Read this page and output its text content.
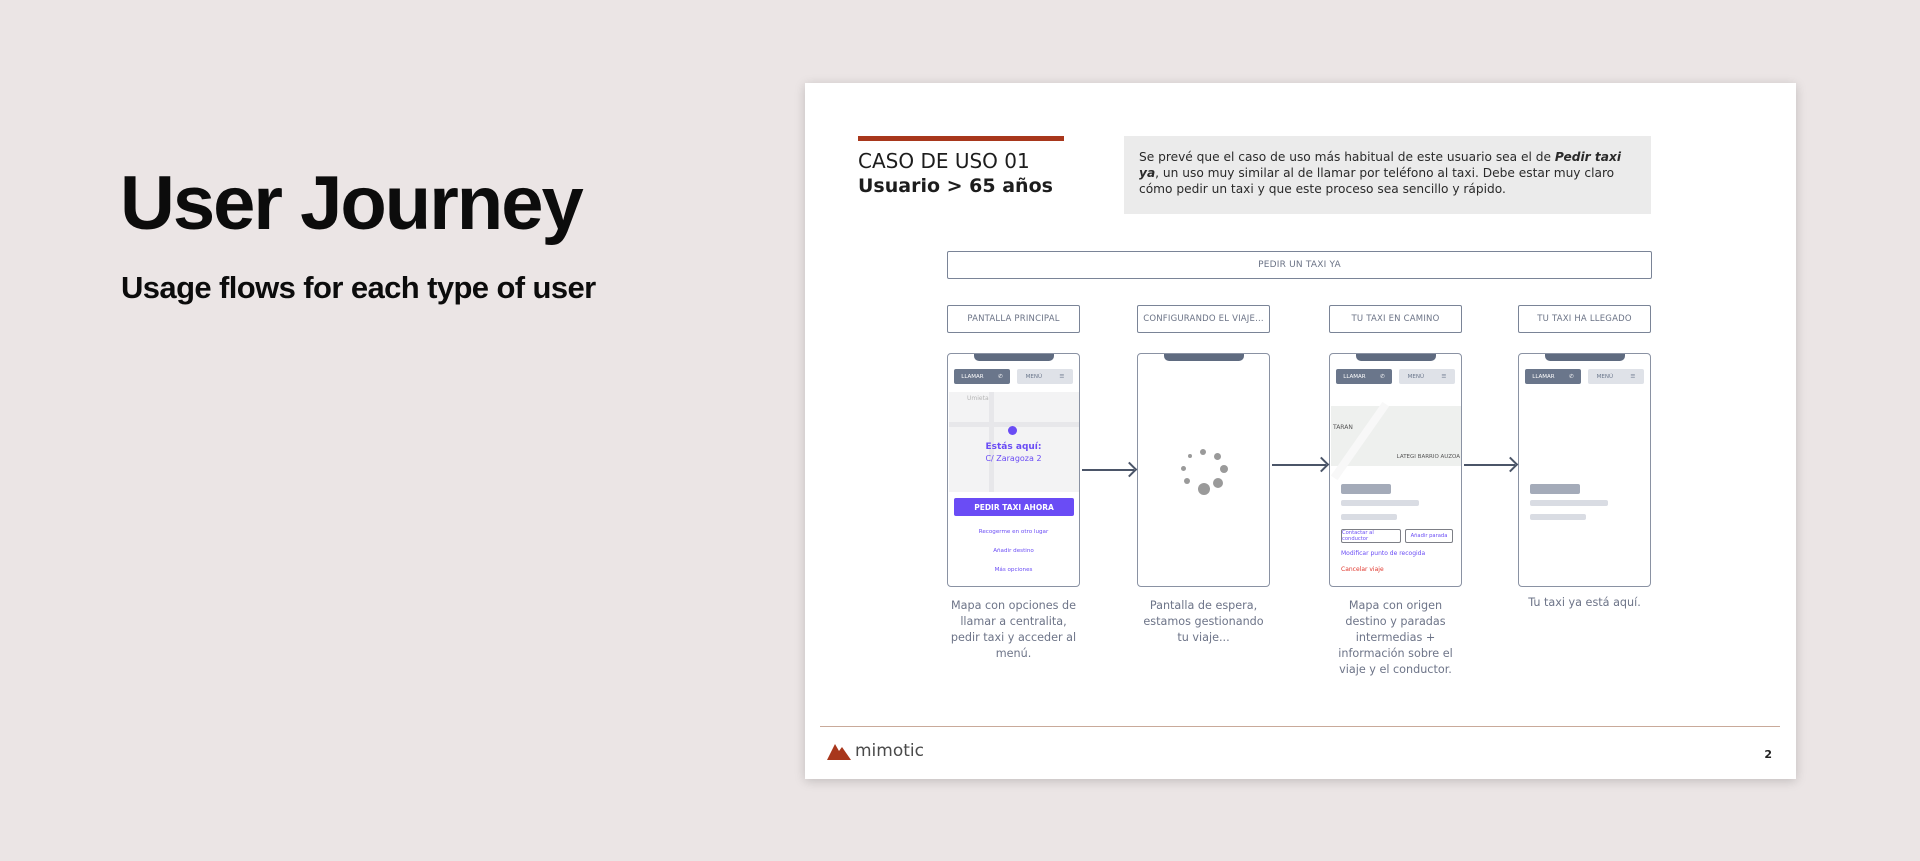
User Journey
Usage flows for each type of user
CASO DE USO 01
Usuario > 65 años
Se prevé que el caso de uso más habitual de este usuario sea el de Pedir taxi ya, un uso muy similar al de llamar por teléfono al taxi. Debe estar muy claro cómo pedir un taxi y que este proceso sea sencillo y rápido.
PEDIR UN TAXI YA
PANTALLA PRINCIPAL	CONFIGURANDO EL VIAJE...	TU TAXI EN CAMINO	TU TAXI HA LLEGADO
LLAMAR	✆	MENÚ	☰
Umieta
Estás aquí:
C/ Zaragoza 2
PEDIR TAXI AHORA
Recogerme en otro lugar
Añadir destino
Más opciones
LLAMAR	✆	MENÚ	☰
TARAN
LATEGI BARRIO AUZOA
Contactar al conductor	Añadir parada
Modificar punto de recogida
Cancelar viaje
LLAMAR	✆	MENÚ	☰
Mapa con opciones de llamar a centralita, pedir taxi y acceder al menú.
Pantalla de espera, estamos gestionando tu viaje...
Mapa con origen destino y paradas intermedias + información sobre el viaje y el conductor.
Tu taxi ya está aquí.
mimotic	2
